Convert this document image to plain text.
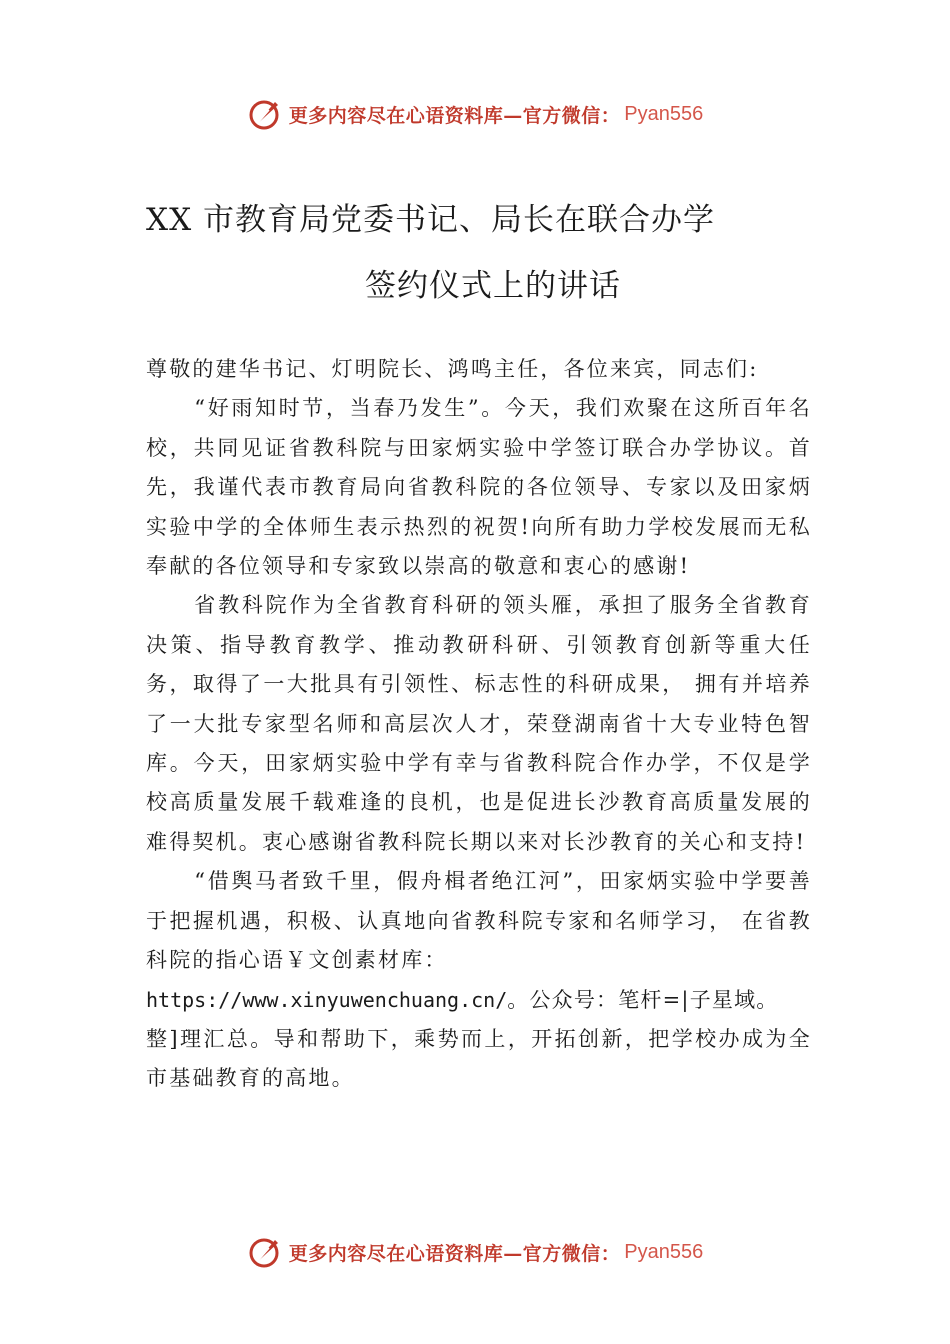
更多内容尽在心语资料库—官方微信： Pyan556
XX 市教育局党委书记、局长在联合办学
签约仪式上的讲话

尊敬的建华书记、灯明院长、鸿鸣主任，各位来宾，同志们:

“好雨知时节，当春乃发生”。今天，我们欢聚在这所百年名校，共同见证省教科院与田家炳实验中学签订联合办学协议。首先，我谨代表市教育局向省教科院的各位领导、专家以及田家炳实验中学的全体师生表示热烈的祝贺!向所有助力学校发展而无私奉献的各位领导和专家致以崇高的敬意和衷心的感谢!

省教科院作为全省教育科研的领头雁，承担了服务全省教育决策、指导教育教学、推动教研科研、引领教育创新等重大任务，取得了一大批具有引领性、标志性的科研成果， 拥有并培养了一大批专家型名师和高层次人才，荣登湖南省十大专业特色智库。今天，田家炳实验中学有幸与省教科院合作办学，不仅是学校高质量发展千载难逢的良机，也是促进长沙教育高质量发展的难得契机。衷心感谢省教科院长期以来对长沙教育的关心和支持!

“借舆马者致千里，假舟楫者绝江河”，田家炳实验中学要善于把握机遇，积极、认真地向省教科院专家和名师学习， 在省教科院的指心语￥文创素材库：

https://www.xinyuwenchuang.cn/。公众号：笔杆=|子星域。

整]理汇总。导和帮助下，乘势而上，开拓创新，把学校办成为全市基础教育的高地。

更多内容尽在心语资料库—官方微信： Pyan556
